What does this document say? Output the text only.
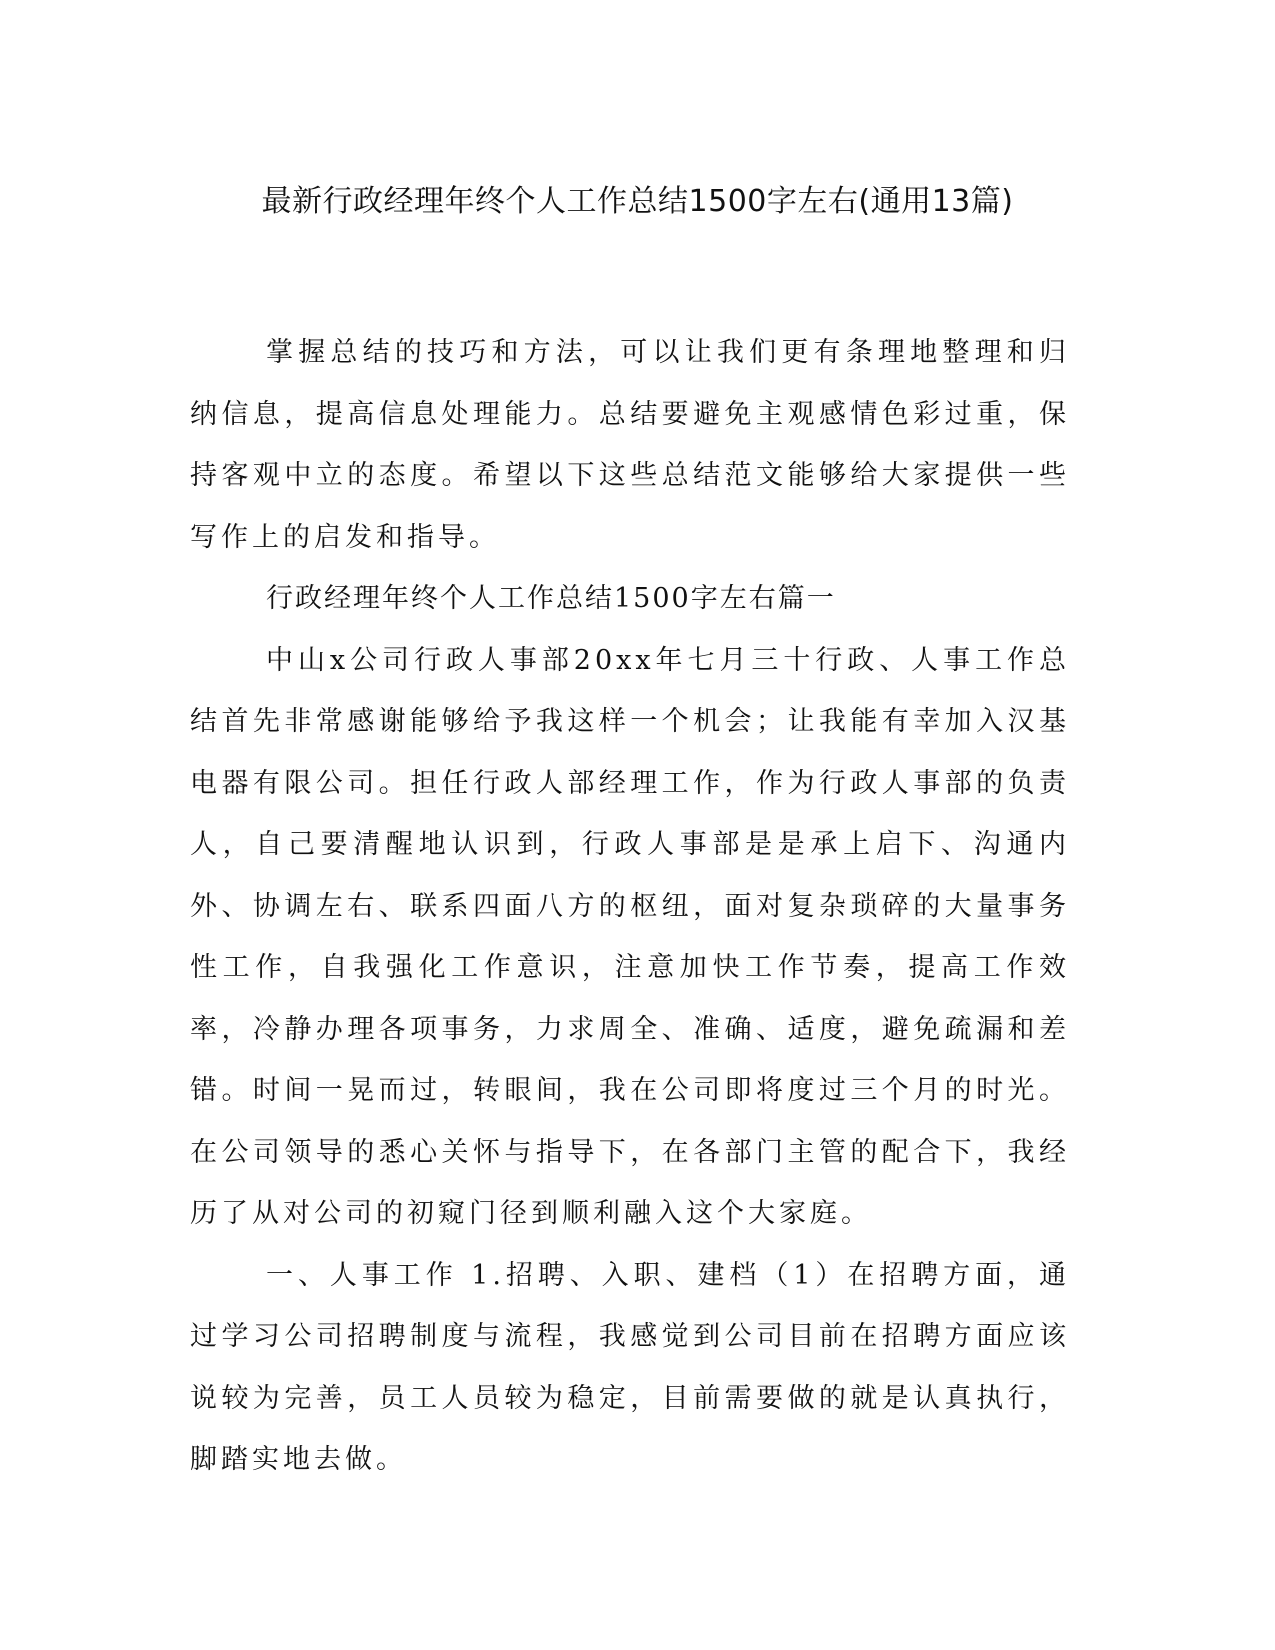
最新行政经理年终个人工作总结1500字左右(通用13篇)

掌握总结的技巧和方法，可以让我们更有条理地整理和归纳信息，提高信息处理能力。总结要避免主观感情色彩过重，保持客观中立的态度。希望以下这些总结范文能够给大家提供一些写作上的启发和指导。

行政经理年终个人工作总结1500字左右篇一

中山x公司行政人事部20xx年七月三十行政、人事工作总结首先非常感谢能够给予我这样一个机会；让我能有幸加入汉基电器有限公司。担任行政人部经理工作，作为行政人事部的负责人，自己要清醒地认识到，行政人事部是是承上启下、沟通内外、协调左右、联系四面八方的枢纽，面对复杂琐碎的大量事务性工作，自我强化工作意识，注意加快工作节奏，提高工作效率，冷静办理各项事务，力求周全、准确、适度，避免疏漏和差错。时间一晃而过，转眼间，我在公司即将度过三个月的时光。在公司领导的悉心关怀与指导下，在各部门主管的配合下，我经历了从对公司的初窥门径到顺利融入这个大家庭。

一、人事工作 1.招聘、入职、建档（1）在招聘方面，通过学习公司招聘制度与流程，我感觉到公司目前在招聘方面应该说较为完善，员工人员较为稳定，目前需要做的就是认真执行，脚踏实地去做。
